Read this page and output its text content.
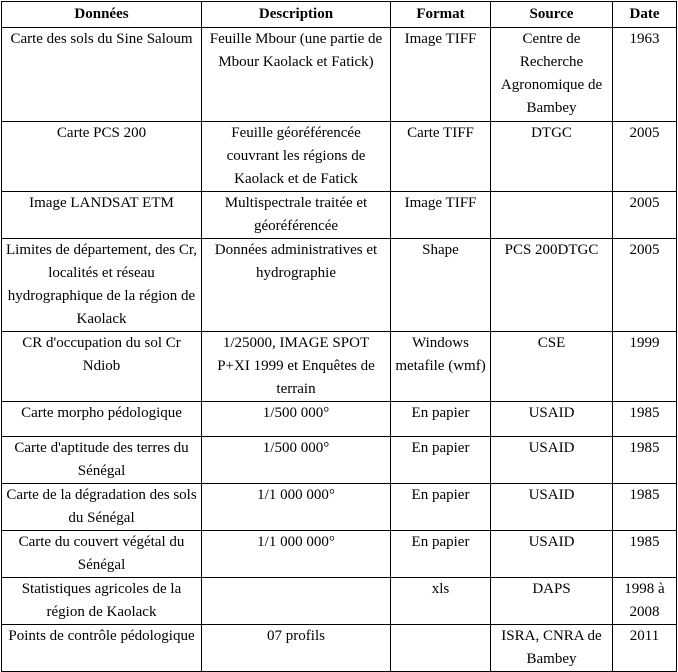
Données	Description	Format	Source	Date
Carte des sols du Sine Saloum	Feuille Mbour (une partie de Mbour Kaolack et Fatick)	Image TIFF	Centre de Recherche Agronomique de Bambey	1963
Carte PCS 200	Feuille géoréférencée couvrant les régions de Kaolack et de Fatick	Carte TIFF	DTGC	2005
Image LANDSAT ETM	Multispectrale traitée et géoréférencée	Image TIFF		2005
Limites de département, des Cr, localités et réseau hydrographique de la région de Kaolack	Données administratives et hydrographie	Shape	PCS 200DTGC	2005
CR d'occupation du sol Cr Ndiob	1/25000, IMAGE SPOT P+XI 1999 et Enquêtes de terrain	Windows metafile (wmf)	CSE	1999
Carte morpho pédologique	1/500 000°	En papier	USAID	1985
Carte d'aptitude des terres du Sénégal	1/500 000°	En papier	USAID	1985
Carte de la dégradation des sols du Sénégal	1/1 000 000°	En papier	USAID	1985
Carte du couvert végétal du Sénégal	1/1 000 000°	En papier	USAID	1985
Statistiques agricoles de la région de Kaolack		xls	DAPS	1998 à 2008
Points de contrôle pédologique	07 profils		ISRA, CNRA de Bambey	2011
